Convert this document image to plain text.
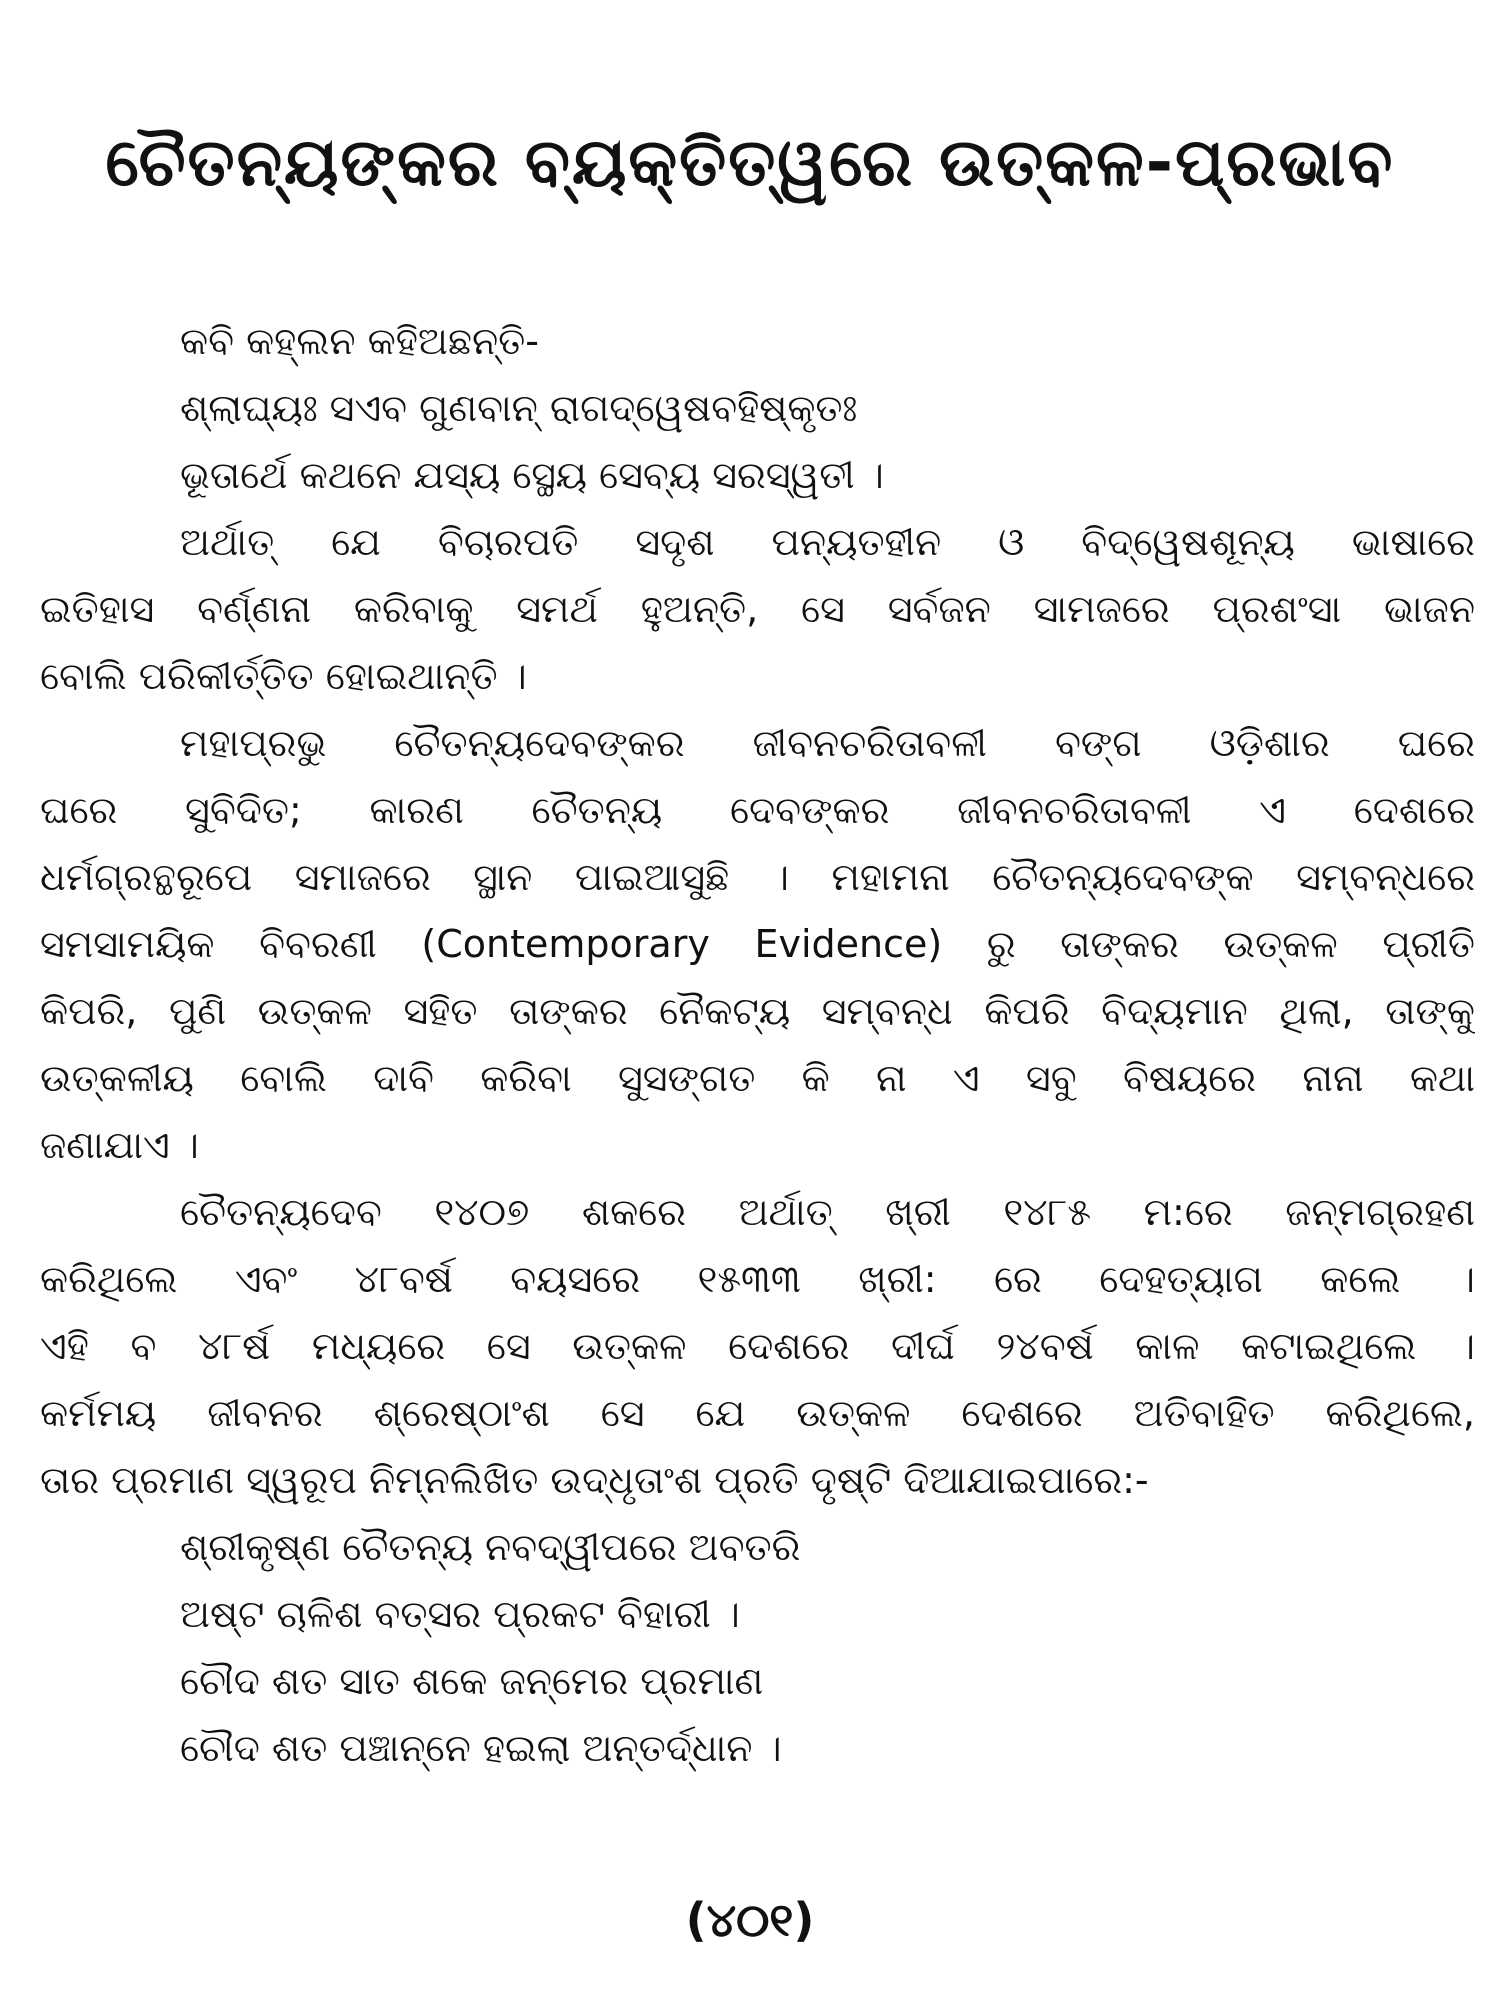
ଚୈତନ୍ୟଙ୍କର ବ୍ୟକ୍ତିତ୍ୱରେ ଉତ୍କଳ-ପ୍ରଭାବ
କବି କହ୍ଲନ କହିଅଛନ୍ତି-
ଶ୍ଲାଘ୍ୟଃ ସଏବ ଗୁଣବାନ୍ ରାଗଦ୍ୱେଷବହିଷ୍କୃତଃ
ଭୂତାର୍ଥେ କଥନେ ଯସ୍ୟ ସ୍ଥେୟ ସେବ୍ୟ ସରସ୍ୱତୀ ।
ଅର୍ଥାତ୍ ଯେ ବିଚାରପତି ସଦୃଶ ପନ୍ୟତହୀନ ଓ ବିଦ୍ୱେଷଶୂନ୍ୟ ଭାଷାରେ
ଇତିହାସ ବର୍ଣ୍ଣନା କରିବାକୁ ସମର୍ଥ ହୁଅନ୍ତି, ସେ ସର୍ବଜନ ସାମଜରେ ପ୍ରଶଂସା ଭାଜନ
ବୋଲି ପରିକୀର୍ତ୍ତିତ ହୋଇଥାନ୍ତି ।
ମହାପ୍ରଭୁ ଚୈତନ୍ୟଦେବଙ୍କର ଜୀବନଚରିତାବଳୀ ବଙ୍ଗ ଓଡ଼ିଶାର ଘରେ
ଘରେ ସୁବିଦିତ; କାରଣ ଚୈତନ୍ୟ ଦେବଙ୍କର ଜୀବନଚରିତାବଳୀ ଏ ଦେଶରେ
ଧର୍ମଗ୍ରନ୍ଥରୂପେ ସମାଜରେ ସ୍ଥାନ ପାଇଆସୁଛି । ମହାମନା ଚୈତନ୍ୟଦେବଙ୍କ ସମ୍ବନ୍ଧରେ
ସମସାମୟିକ ବିବରଣୀ (Contemporary Evidence) ରୁ ତାଙ୍କର ଉତ୍କଳ ପ୍ରୀତି
କିପରି, ପୁଣି ଉତ୍କଳ ସହିତ ତାଙ୍କର ନୈକଟ୍ୟ ସମ୍ବନ୍ଧ କିପରି ବିଦ୍ୟମାନ ଥିଲା, ତାଙ୍କୁ
ଉତ୍କଳୀୟ ବୋଲି ଦାବି କରିବା ସୁସଙ୍ଗତ କି ନା ଏ ସବୁ ବିଷୟରେ ନାନା କଥା
ଜଣାଯାଏ ।
ଚୈତନ୍ୟଦେବ ୧୪୦୭ ଶକରେ ଅର୍ଥାତ୍ ଖ୍ରୀ ୧୪୮୫ ମ:ରେ ଜନ୍ମଗ୍ରହଣ
କରିଥିଲେ ଏବଂ ୪୮ବର୍ଷ ବୟସରେ ୧୫୩୩ ଖ୍ରୀ: ରେ ଦେହତ୍ୟାଗ କଲେ ।
ଏହି ବ ୪୮ର୍ଷ ମଧ୍ୟରେ ସେ ଉତ୍କଳ ଦେଶରେ ଦୀର୍ଘ ୨୪ବର୍ଷ କାଳ କଟାଇଥିଲେ ।
କର୍ମମୟ ଜୀବନର ଶ୍ରେଷ୍ଠାଂଶ ସେ ଯେ ଉତ୍କଳ ଦେଶରେ ଅତିବାହିତ କରିଥିଲେ,
ତାର ପ୍ରମାଣ ସ୍ୱରୂପ ନିମ୍ନଲିଖିତ ଉଦ୍ଧୃତାଂଶ ପ୍ରତି ଦୃଷ୍ଟି ଦିଆଯାଇପାରେ:-
ଶ୍ରୀକୃଷ୍ଣ ଚୈତନ୍ୟ ନବଦ୍ୱୀପରେ ଅବତରି
ଅଷ୍ଟ ଚାଳିଶ ବତ୍ସର ପ୍ରକଟ ବିହାରୀ ।
ଚୌଦ ଶତ ସାତ ଶକେ ଜନ୍ମେର ପ୍ରମାଣ
ଚୌଦ ଶତ ପଞ୍ଚାନ୍ନେ ହଇଲା ଅନ୍ତର୍ଦ୍ଧାନ ।
(୪୦୧)
